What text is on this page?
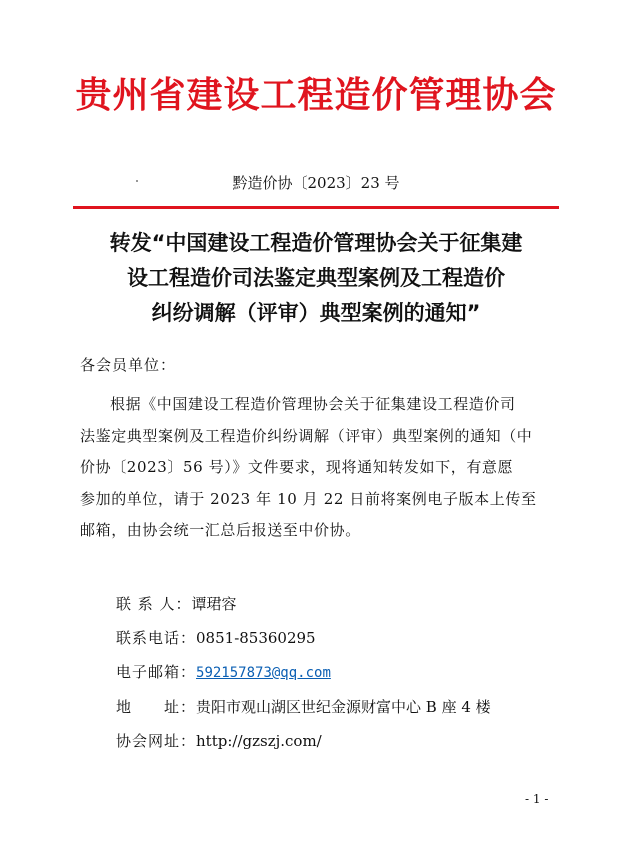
贵州省建设工程造价管理协会
黔造价协〔2023〕23 号
转发“中国建设工程造价管理协会关于征集建
设工程造价司法鉴定典型案例及工程造价
纠纷调解（评审）典型案例的通知”
各会员单位：
根据《中国建设工程造价管理协会关于征集建设工程造价司
法鉴定典型案例及工程造价纠纷调解（评审）典型案例的通知（中
价协〔2023〕56 号）》文件要求，现将通知转发如下，有意愿
参加的单位，请于 2023 年 10 月 22 日前将案例电子版本上传至
邮箱，由协会统一汇总后报送至中价协。
联 系 人：谭珺容
联系电话：0851-85360295
电子邮箱：592157873@qq.com
地　　址：贵阳市观山湖区世纪金源财富中心 B 座 4 楼
协会网址：http://gzszj.com/
- 1 -
